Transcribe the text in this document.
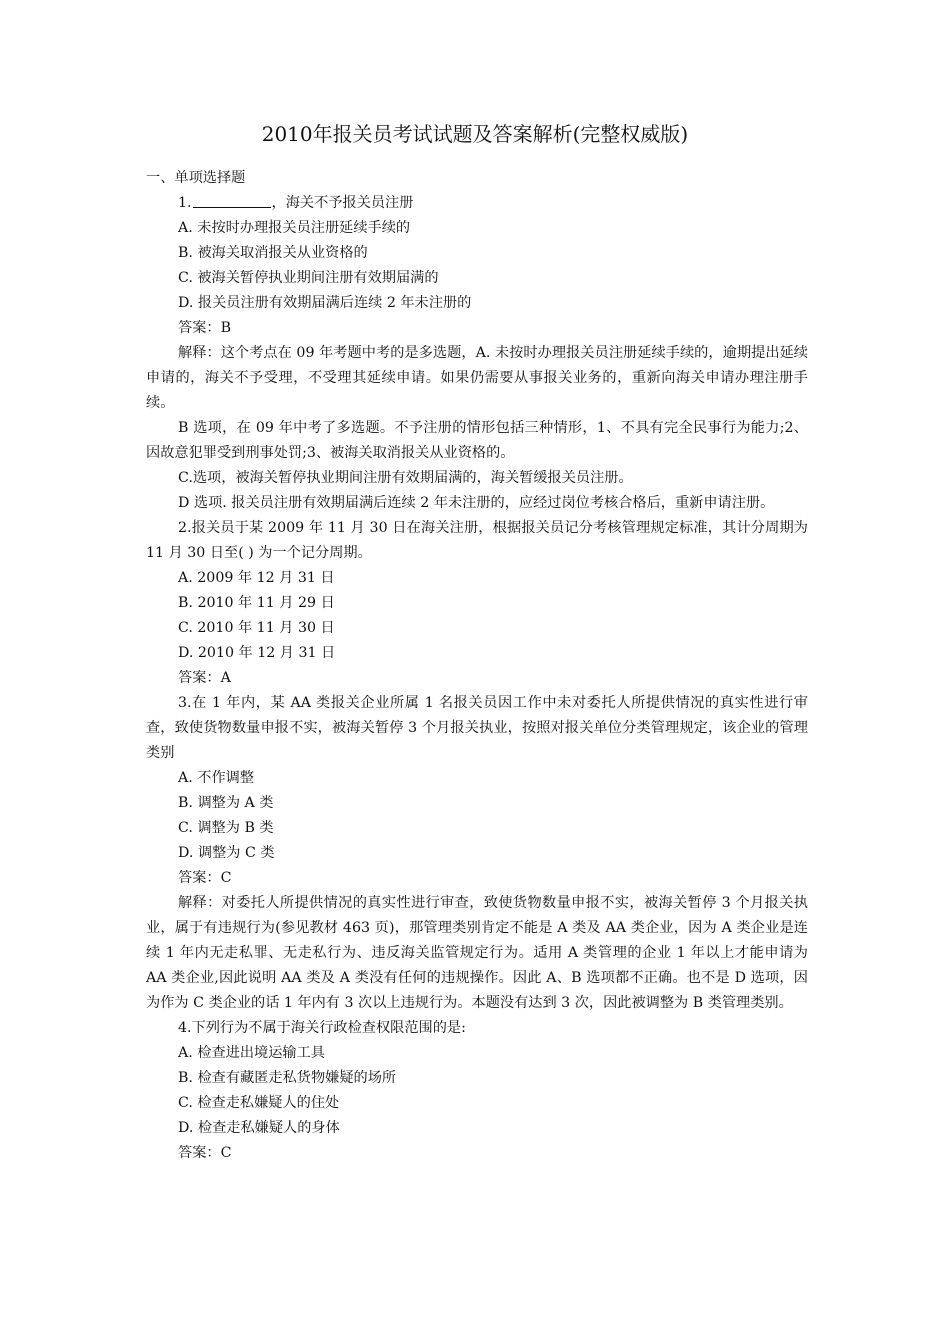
2010年报关员考试试题及答案解析(完整权威版)

一、单项选择题

1.	，海关不予报关员注册

A. 未按时办理报关员注册延续手续的

B. 被海关取消报关从业资格的

C. 被海关暂停执业期间注册有效期届满的

D. 报关员注册有效期届满后连续 2 年未注册的

答案：B

解释：这个考点在 09 年考题中考的是多选题，A. 未按时办理报关员注册延续手续的，逾期提出延续申请的，海关不予受理，不受理其延续申请。如果仍需要从事报关业务的，重新向海关申请办理注册手续。

B 选项，在 09 年中考了多选题。不予注册的情形包括三种情形，1、不具有完全民事行为能力;2、因故意犯罪受到刑事处罚;3、被海关取消报关从业资格的。

C.选项，被海关暂停执业期间注册有效期届满的，海关暂缓报关员注册。

D 选项. 报关员注册有效期届满后连续 2 年未注册的，应经过岗位考核合格后，重新申请注册。

2.报关员于某 2009 年 11 月 30 日在海关注册，根据报关员记分考核管理规定标准，其计分周期为 11 月 30 日至( ) 为一个记分周期。

A. 2009 年 12 月 31 日

B. 2010 年 11 月 29 日

C. 2010 年 11 月 30 日

D. 2010 年 12 月 31 日

答案：A

3.在 1 年内，某 AA 类报关企业所属 1 名报关员因工作中未对委托人所提供情况的真实性进行审查，致使货物数量申报不实，被海关暂停 3 个月报关执业，按照对报关单位分类管理规定，该企业的管理类别

A. 不作调整

B. 调整为 A 类

C. 调整为 B 类

D. 调整为 C 类

答案：C

解释：对委托人所提供情况的真实性进行审查，致使货物数量申报不实，被海关暂停 3 个月报关执业，属于有违规行为(参见教材 463 页)，那管理类别肯定不能是 A 类及 AA 类企业，因为 A 类企业是连续 1 年内无走私罪、无走私行为、违反海关监管规定行为。适用 A 类管理的企业 1 年以上才能申请为 AA 类企业,因此说明 AA 类及 A 类没有任何的违规操作。因此 A、B 选项都不正确。也不是 D 选项，因为作为 C 类企业的话 1 年内有 3 次以上违规行为。本题没有达到 3 次，因此被调整为 B 类管理类别。

4.下列行为不属于海关行政检查权限范围的是:

A. 检查进出境运输工具

B. 检查有藏匿走私货物嫌疑的场所

C. 检查走私嫌疑人的住处

D. 检查走私嫌疑人的身体

答案：C
